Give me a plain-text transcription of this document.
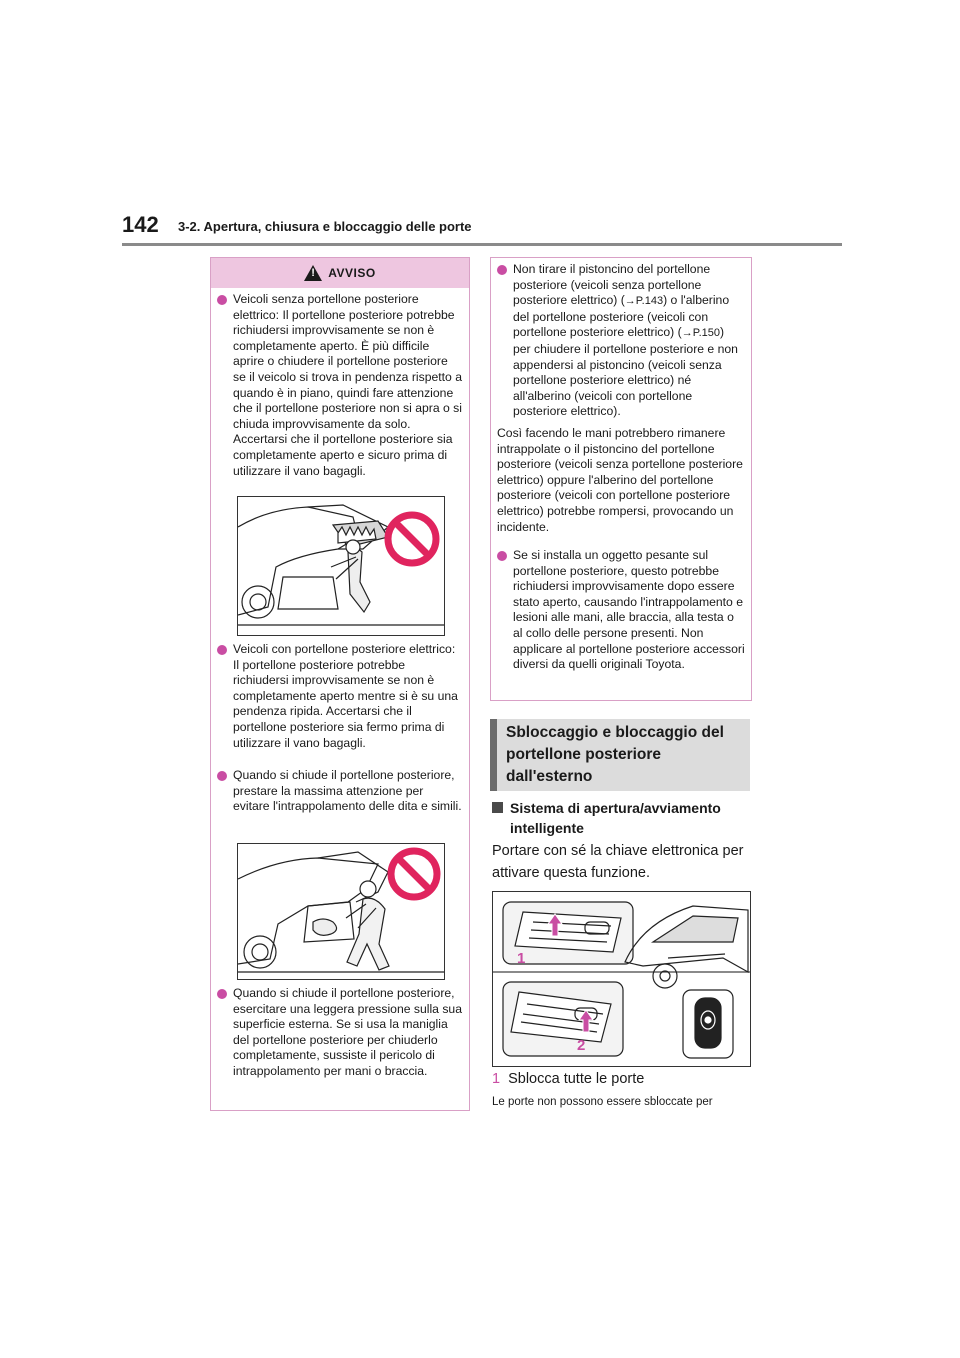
142 3-2. Apertura, chiusura e bloccaggio delle porte
!
AVVISO
Veicoli senza portellone posteriore elettrico: Il portellone posteriore potrebbe richiudersi improvvisamente se non è completamente aperto. È più difficile aprire o chiudere il portellone posteriore se il veicolo si trova in pendenza rispetto a quando è in piano, quindi fare attenzione che il portellone posteriore non si apra o si chiuda improvvisamente da solo. Accertarsi che il portellone posteriore sia completamente aperto e sicuro prima di utilizzare il vano bagagli.
Veicoli con portellone posteriore elettrico: Il portellone posteriore potrebbe richiudersi improvvisamente se non è completamente aperto mentre si è su una pendenza ripida. Accertarsi che il portellone posteriore sia fermo prima di utilizzare il vano bagagli.
Quando si chiude il portellone posteriore, prestare la massima attenzione per evitare l'intrappolamento delle dita e simili.
Quando si chiude il portellone posteriore, esercitare una leggera pressione sulla sua superficie esterna. Se si usa la maniglia del portellone posteriore per chiuderlo completamente, sussiste il pericolo di intrappolamento per mani o braccia.
Non tirare il pistoncino del portellone posteriore (veicoli senza portellone posteriore elettrico) (→P.143) o l'alberino del portellone posteriore (veicoli con portellone posteriore elettrico) (→P.150) per chiudere il portellone posteriore e non appendersi al pistoncino (veicoli senza portellone posteriore elettrico) né all'alberino (veicoli con portellone posteriore elettrico).
Così facendo le mani potrebbero rimanere intrappolate o il pistoncino del portellone posteriore (veicoli senza portellone posteriore elettrico) oppure l'alberino del portellone posteriore (veicoli con portellone posteriore elettrico) potrebbe rompersi, provocando un incidente.
Se si installa un oggetto pesante sul portellone posteriore, questo potrebbe richiudersi improvvisamente dopo essere stato aperto, causando l'intrappolamento e lesioni alle mani, alle braccia, alla testa o al collo delle persone presenti. Non applicare al portellone posteriore accessori diversi da quelli originali Toyota.
Sbloccaggio e bloccaggio del portellone posteriore dall'esterno
Sistema di apertura/avviamento intelligente
Portare con sé la chiave elettronica per attivare questa funzione.
1
2
1 Sblocca tutte le porte
Le porte non possono essere sbloccate per
